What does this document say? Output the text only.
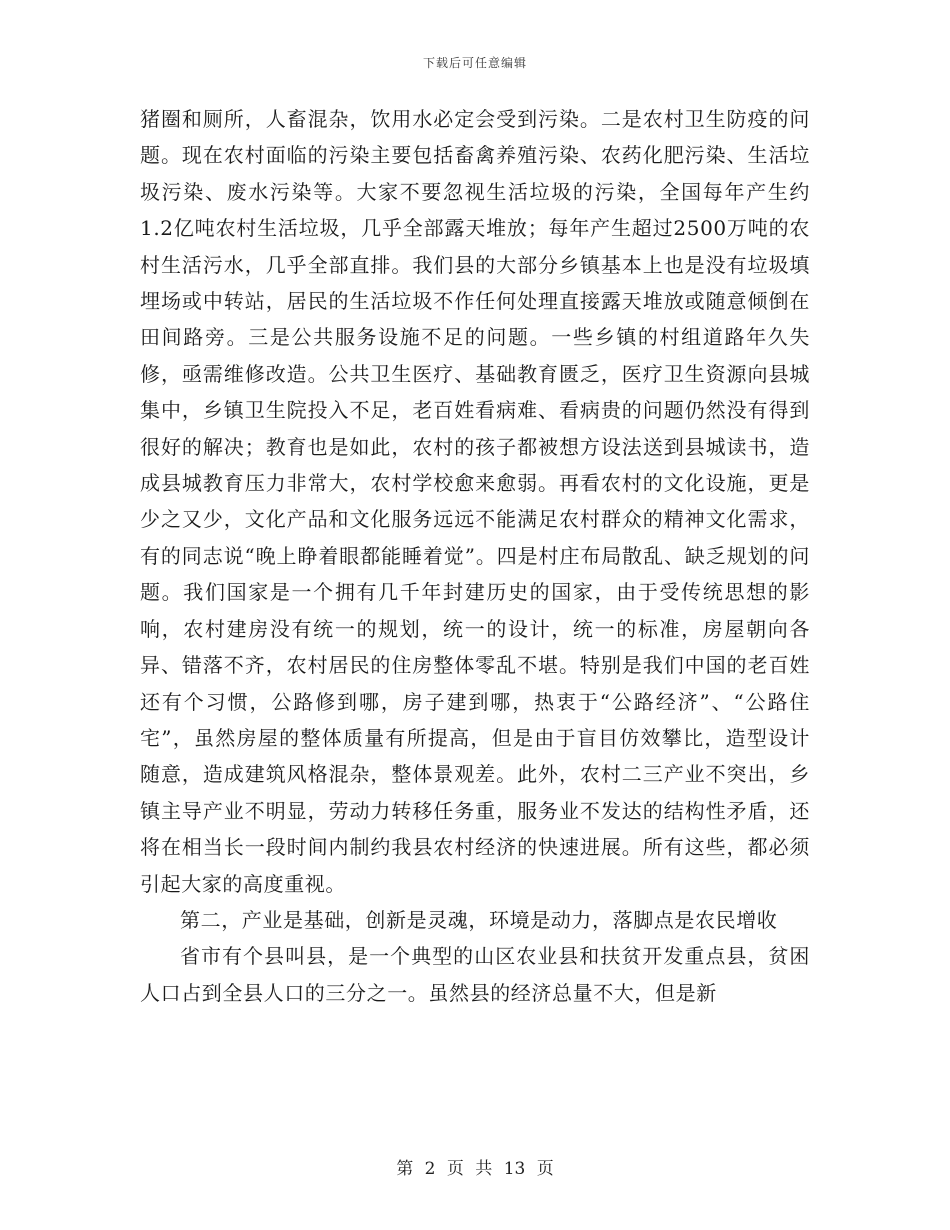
下载后可任意编辑

猪圈和厕所，人畜混杂，饮用水必定会受到污染。二是农村卫生防疫的问题。现在农村面临的污染主要包括畜禽养殖污染、农药化肥污染、生活垃圾污染、废水污染等。大家不要忽视生活垃圾的污染，全国每年产生约1.2亿吨农村生活垃圾，几乎全部露天堆放；每年产生超过2500万吨的农村生活污水，几乎全部直排。我们县的大部分乡镇基本上也是没有垃圾填埋场或中转站，居民的生活垃圾不作任何处理直接露天堆放或随意倾倒在田间路旁。三是公共服务设施不足的问题。一些乡镇的村组道路年久失修，亟需维修改造。公共卫生医疗、基础教育匮乏，医疗卫生资源向县城集中，乡镇卫生院投入不足，老百姓看病难、看病贵的问题仍然没有得到很好的解决；教育也是如此，农村的孩子都被想方设法送到县城读书，造成县城教育压力非常大，农村学校愈来愈弱。再看农村的文化设施，更是少之又少，文化产品和文化服务远远不能满足农村群众的精神文化需求，有的同志说“晚上睁着眼都能睡着觉”。四是村庄布局散乱、缺乏规划的问题。我们国家是一个拥有几千年封建历史的国家，由于受传统思想的影响，农村建房没有统一的规划，统一的设计，统一的标准，房屋朝向各异、错落不齐，农村居民的住房整体零乱不堪。特别是我们中国的老百姓还有个习惯，公路修到哪，房子建到哪，热衷于“公路经济”、“公路住宅”，虽然房屋的整体质量有所提高，但是由于盲目仿效攀比，造型设计随意，造成建筑风格混杂，整体景观差。此外，农村二三产业不突出，乡镇主导产业不明显，劳动力转移任务重，服务业不发达的结构性矛盾，还将在相当长一段时间内制约我县农村经济的快速进展。所有这些，都必须引起大家的高度重视。

第二，产业是基础，创新是灵魂，环境是动力，落脚点是农民增收

省市有个县叫县，是一个典型的山区农业县和扶贫开发重点县，贫困人口占到全县人口的三分之一。虽然县的经济总量不大，但是新

第 2 页 共 13 页
